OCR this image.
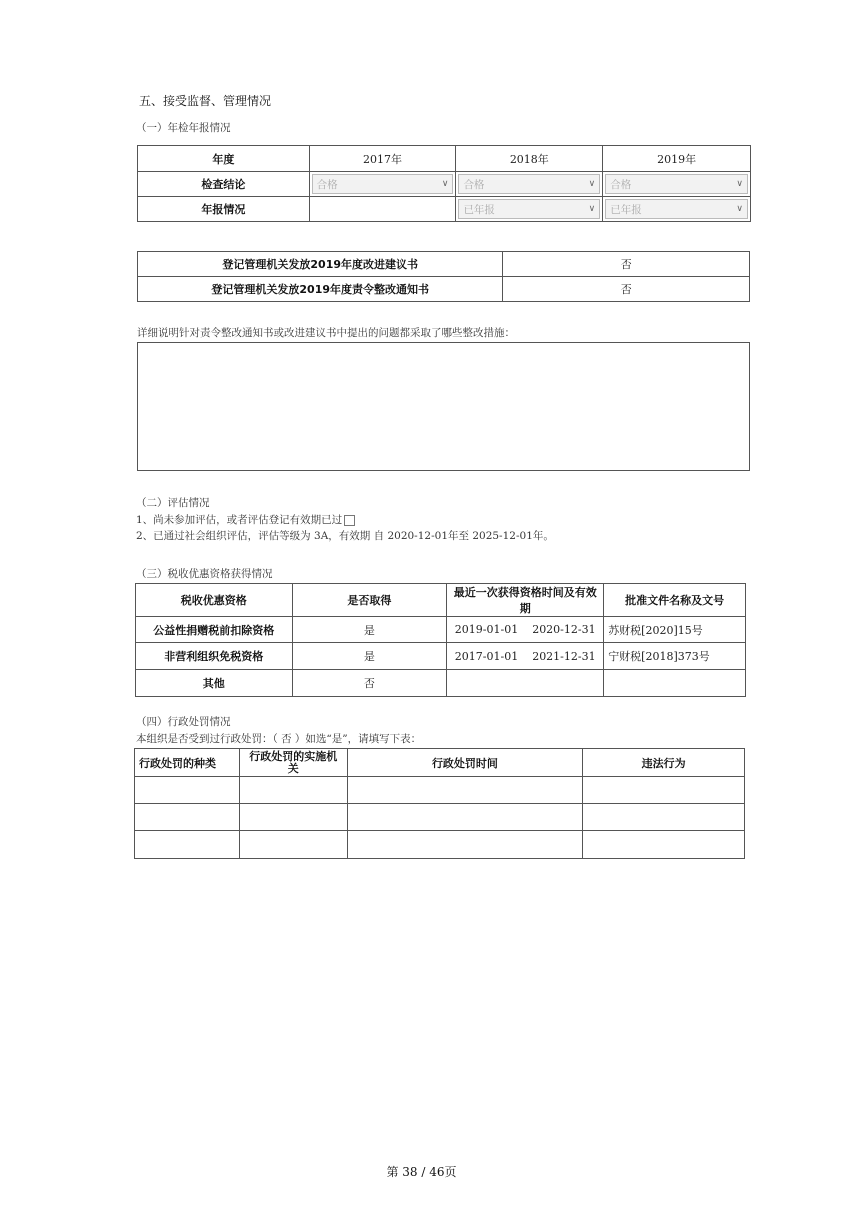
五、接受监督、管理情况
（一）年检年报情况
年度	2017年	2018年	2019年
检查结论	合格 ∨	合格 ∨	合格 ∨

年报情况		已年报 ∨	已年报 ∨
登记管理机关发放2019年度改进建议书	否
登记管理机关发放2019年度责令整改通知书	否
详细说明针对责令整改通知书或改进建议书中提出的问题都采取了哪些整改措施：
（二）评估情况
1、尚未参加评估，或者评估登记有效期已过
2、已通过社会组织评估，评估等级为 3A，有效期 自 2020-12-01年至 2025-12-01年。
（三）税收优惠资格获得情况
税收优惠资格	是否取得	最近一次获得资格时间及有效期	批准文件名称及文号
公益性捐赠税前扣除资格	是	2019-01-01    2020-12-31	苏财税[2020]15号
非营利组织免税资格	是	2017-01-01    2021-12-31	宁财税[2018]373号
其他	否		
（四）行政处罚情况
本组织是否受到过行政处罚：（ 否 ）如选“是”，请填写下表：
行政处罚的种类	行政处罚的实施机关	行政处罚时间	违法行为

第 38 / 46页
